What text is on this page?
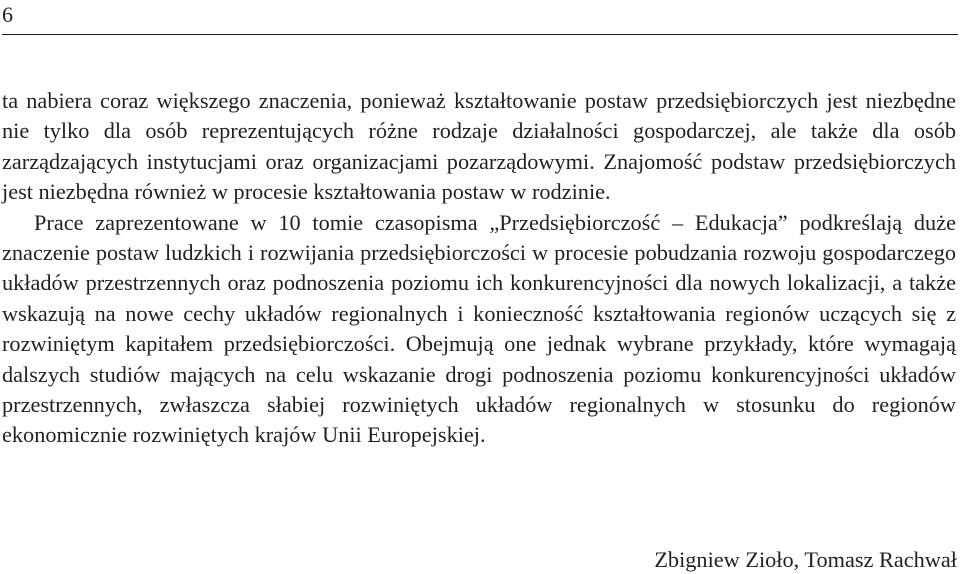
6

ta nabiera coraz większego znaczenia, ponieważ kształtowanie postaw przedsiębiorczych jest niezbędne nie tylko dla osób reprezentujących różne rodzaje działalności gospodarczej, ale także dla osób zarządzających instytucjami oraz organizacjami pozarządowymi. Znajomość podstaw przedsiębiorczych jest niezbędna również w procesie kształtowania postaw w rodzinie.

Prace zaprezentowane w 10 tomie czasopisma „Przedsiębiorczość – Edukacja” podkreślają duże znaczenie postaw ludzkich i rozwijania przedsiębiorczości w procesie pobudzania rozwoju gospodarczego układów przestrzennych oraz podnoszenia poziomu ich konkurencyjności dla nowych lokalizacji, a także wskazują na nowe cechy układów regionalnych i konieczność kształtowania regionów uczących się z rozwiniętym kapitałem przedsiębiorczości. Obejmują one jednak wybrane przykłady, które wymagają dalszych studiów mających na celu wskazanie drogi podnoszenia poziomu konkurencyjności układów przestrzennych, zwłaszcza słabiej rozwiniętych układów regionalnych w stosunku do regionów ekonomicznie rozwiniętych krajów Unii Europejskiej.

Zbigniew Zioło, Tomasz Rachwał
